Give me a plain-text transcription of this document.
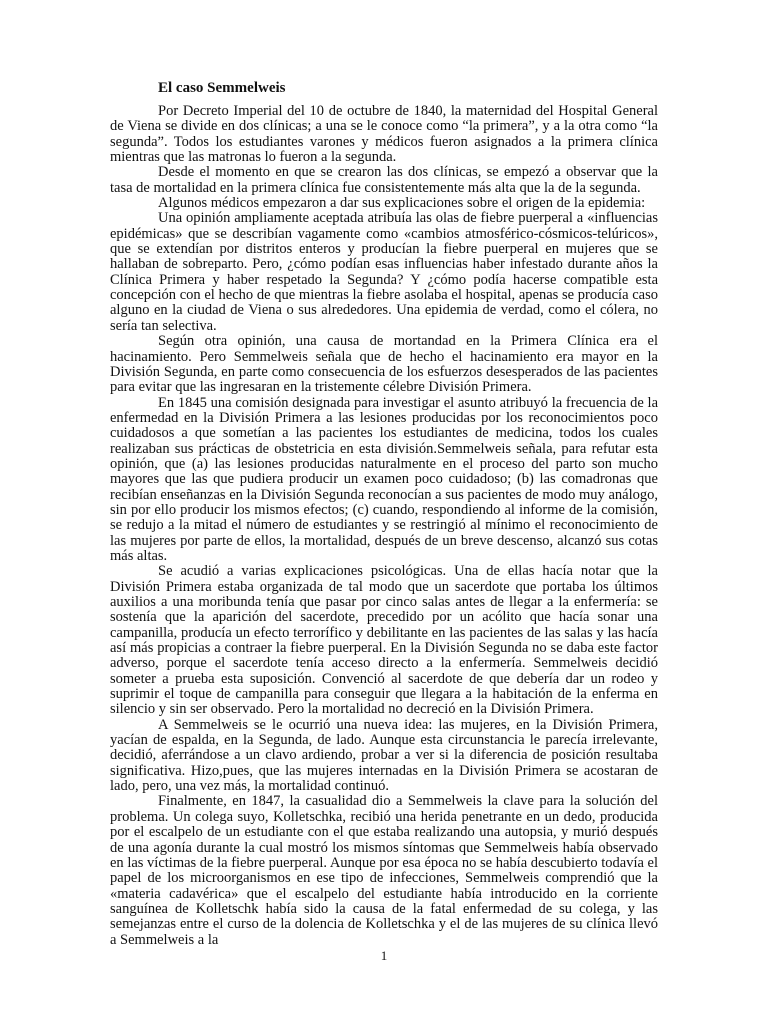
El caso Semmelweis

Por Decreto Imperial del 10 de octubre de 1840, la maternidad del Hospital General de Viena se divide en dos clínicas; a una se le conoce como “la primera”, y a la otra como “la segunda”. Todos los estudiantes varones y médicos fueron asignados a la primera clínica mientras que las matronas lo fueron a la segunda.

Desde el momento en que se crearon las dos clínicas, se empezó a observar que la tasa de mortalidad en la primera clínica fue consistentemente más alta que la de la segunda.

Algunos médicos empezaron a dar sus explicaciones sobre el origen de la epidemia:

Una opinión ampliamente aceptada atribuía las olas de fiebre puerperal a «influencias epidémicas» que se describían vagamente como «cambios atmosférico-cósmicos-telúricos», que se extendían por distritos enteros y producían la fiebre puerperal en mujeres que se hallaban de sobreparto. Pero, ¿cómo podían esas influencias haber infestado durante años la Clínica Primera y haber respetado la Segunda? Y ¿cómo podía hacerse compatible esta concepción con el hecho de que mientras la fiebre asolaba el hospital, apenas se producía caso alguno en la ciudad de Viena o sus alrededores. Una epidemia de verdad, como el cólera, no sería tan selectiva.

Según otra opinión, una causa de mortandad en la Primera Clínica era el hacinamiento. Pero Semmelweis señala que de hecho el hacinamiento era mayor en la División Segunda, en parte como consecuencia de los esfuerzos desesperados de las pacientes para evitar que las ingresaran en la tristemente célebre División Primera.

En 1845 una comisión designada para investigar el asunto atribuyó la frecuencia de la enfermedad en la División Primera a las lesiones producidas por los reconocimientos poco cuidadosos a que sometían a las pacientes los estudiantes de medicina, todos los cuales realizaban sus prácticas de obstetricia en esta división.Semmelweis señala, para refutar esta opinión, que (a) las lesiones producidas naturalmente en el proceso del parto son mucho mayores que las que pudiera producir un examen poco cuidadoso; (b) las comadronas que recibían enseñanzas en la División Segunda reconocían a sus pacientes de modo muy análogo, sin por ello producir los mismos efectos; (c) cuando, respondiendo al informe de la comisión, se redujo a la mitad el número de estudiantes y se restringió al mínimo el reconocimiento de las mujeres por parte de ellos, la mortalidad, después de un breve descenso, alcanzó sus cotas más altas.

Se acudió a varias explicaciones psicológicas. Una de ellas hacía notar que la División Primera estaba organizada de tal modo que un sacerdote que portaba los últimos auxilios a una moribunda tenía que pasar por cinco salas antes de llegar a la enfermería: se sostenía que la aparición del sacerdote, precedido por un acólito que hacía sonar una campanilla, producía un efecto terrorífico y debilitante en las pacientes de las salas y las hacía así más propicias a contraer la fiebre puerperal. En la División Segunda no se daba este factor adverso, porque el sacerdote tenía acceso directo a la enfermería. Semmelweis decidió someter a prueba esta suposición. Convenció al sacerdote de que debería dar un rodeo y suprimir el toque de campanilla para conseguir que llegara a la habitación de la enferma en silencio y sin ser observado. Pero la mortalidad no decreció en la División Primera.

A Semmelweis se le ocurrió una nueva idea: las mujeres, en la División Primera, yacían de espalda, en la Segunda, de lado. Aunque esta circunstancia le parecía irrelevante, decidió, aferrándose a un clavo ardiendo, probar a ver si la diferencia de posición resultaba significativa. Hizo,pues, que las mujeres internadas en la División Primera se acostaran de lado, pero, una vez más, la mortalidad continuó.

Finalmente, en 1847, la casualidad dio a Semmelweis la clave para la solución del problema. Un colega suyo, Kolletschka, recibió una herida penetrante en un dedo, producida por el escalpelo de un estudiante con el que estaba realizando una autopsia, y murió después de una agonía durante la cual mostró los mismos síntomas que Semmelweis había observado en las víctimas de la fiebre puerperal. Aunque por esa época no se había descubierto todavía el papel de los microorganismos en ese tipo de infecciones, Semmelweis comprendió que la «materia cadavérica» que el escalpelo del estudiante había introducido en la corriente sanguínea de Kolletschk había sido la causa de la fatal enfermedad de su colega, y las semejanzas entre el curso de la dolencia de Kolletschka y el de las mujeres de su clínica llevó a Semmelweis a la

1
